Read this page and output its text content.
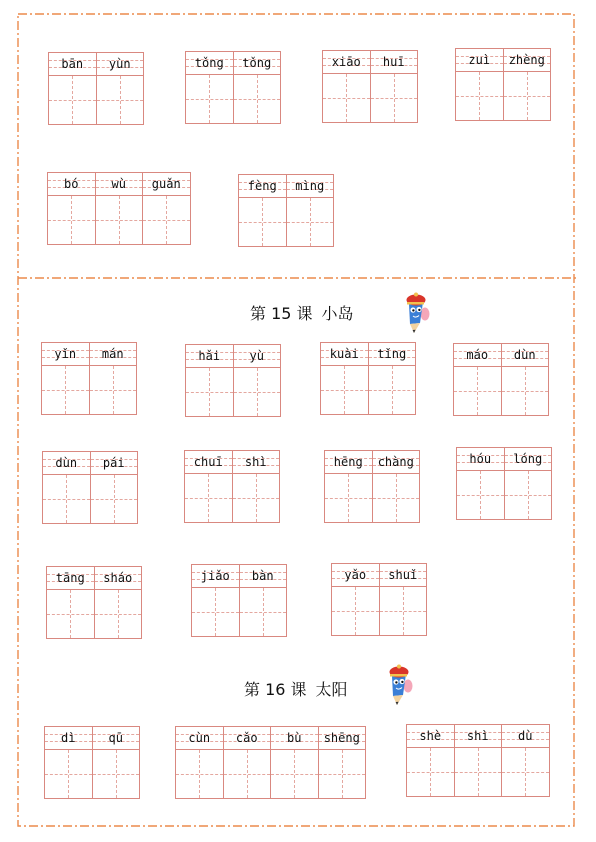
bān	yùn	tǒng	tǒng	xiāo	huī	zuì	zhèng
bó	wù	guǎn	fèng	mìng
第 15 课 小岛
yǐn	mán	hǎi	yù	kuài	tǐng	máo	dùn
dùn	pái	chuī	shì	hēng	chàng	hóu	lóng
tāng	sháo	jiǎo	bàn	yǎo	shuǐ
第 16 课 太阳
dì	qū	cùn	cǎo	bù	shēng	shè	shì	dù
